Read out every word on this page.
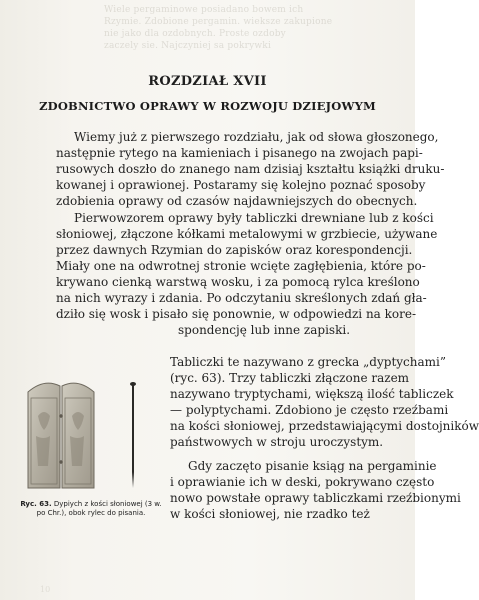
Wiele pergaminowe posiadano bowem ich
Rzymie. Zdobione pergamin. wieksze zakupione
nie jako dla ozdobnych. Proste ozdoby
zaczely sie. Najczyniej sa pokrywki
ROZDZIAŁ XVII
ZDOBNICTWO OPRAWY W ROZWOJU DZIEJOWYM
Wiemy już z pierwszego rozdziału, jak od słowa głoszonego,
następnie rytego na kamieniach i pisanego na zwojach papi-
rusowych doszło do znanego nam dzisiaj kształtu książki druku-
kowanej i oprawionej. Postaramy się kolejno poznać sposoby
zdobienia oprawy od czasów najdawniejszych do obecnych.
Pierwowzorem oprawy były tabliczki drewniane lub z kości
słoniowej, złączone kółkami metalowymi w grzbiecie, używane
przez dawnych Rzymian do zapisków oraz korespondencji.
Miały one na odwrotnej stronie wcięte zagłębienia, które po-
krywano cienką warstwą wosku, i za pomocą rylca kreślono
na nich wyrazy i zdania. Po odczytaniu skreślonych zdań gła-
dziło się wosk i pisało się ponownie, w odpowiedzi na kore-
spondencję lub inne zapiski.
Tabliczki te nazywano z grecka „dyptychami”
(ryc. 63). Trzy tabliczki złączone razem
nazywano tryptychami, większą ilość tabliczek
— polyptychami. Zdobiono je często rzeźbami
na kości słoniowej, przedstawiającymi dostojników
państwowych w stroju uroczystym.
Gdy zaczęto pisanie ksiąg na pergaminie
i oprawianie ich w deski, pokrywano często
nowo powstałe oprawy tabliczkami rzeźbionymi
w kości słoniowej, nie rzadko też
Ryc. 63. Dypiych z kości słoniowej (3 w. po Chr.), obok rylec do pisania.
10
